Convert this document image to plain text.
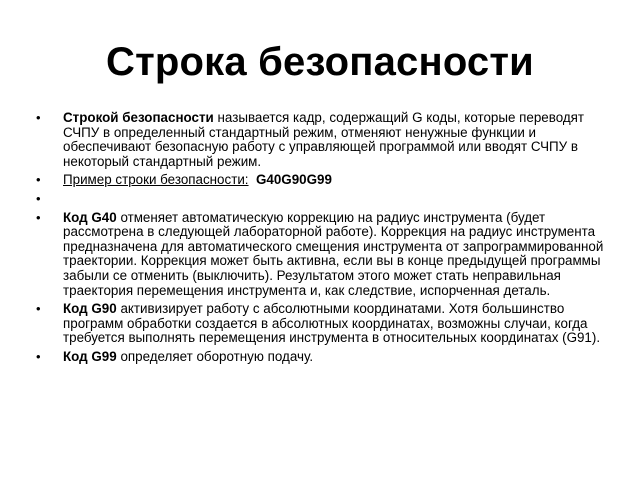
Строка безопасности
•	Строкой безопасности называется кадр, содержащий G коды, которые переводят СЧПУ в определенный стандартный режим, отменяют ненужные функции и обеспечивают безопасную работу с управляющей программой или вводят СЧПУ в некоторый стандартный режим.
•	Пример строки безопасности: G40G90G99
•

•	Код G40 отменяет автоматическую коррекцию на радиус инструмента (будет рассмотрена в следующей лабораторной работе). Коррекция на радиус инструмента предназначена для автоматического смещения инструмента от запрограммированной траектории. Коррекция может быть активна, если вы в конце предыдущей программы забыли се отменить (выключить). Результатом этого может стать неправильная траектория перемещения инструмента и, как следствие, испорченная деталь.
•	Код G90 активизирует работу с абсолютными координатами. Хотя большинство программ обработки создается в абсолютных координатах, возможны случаи, когда требуется выполнять перемещения инструмента в относительных координатах (G91).
•	Код G99 определяет оборотную подачу.
